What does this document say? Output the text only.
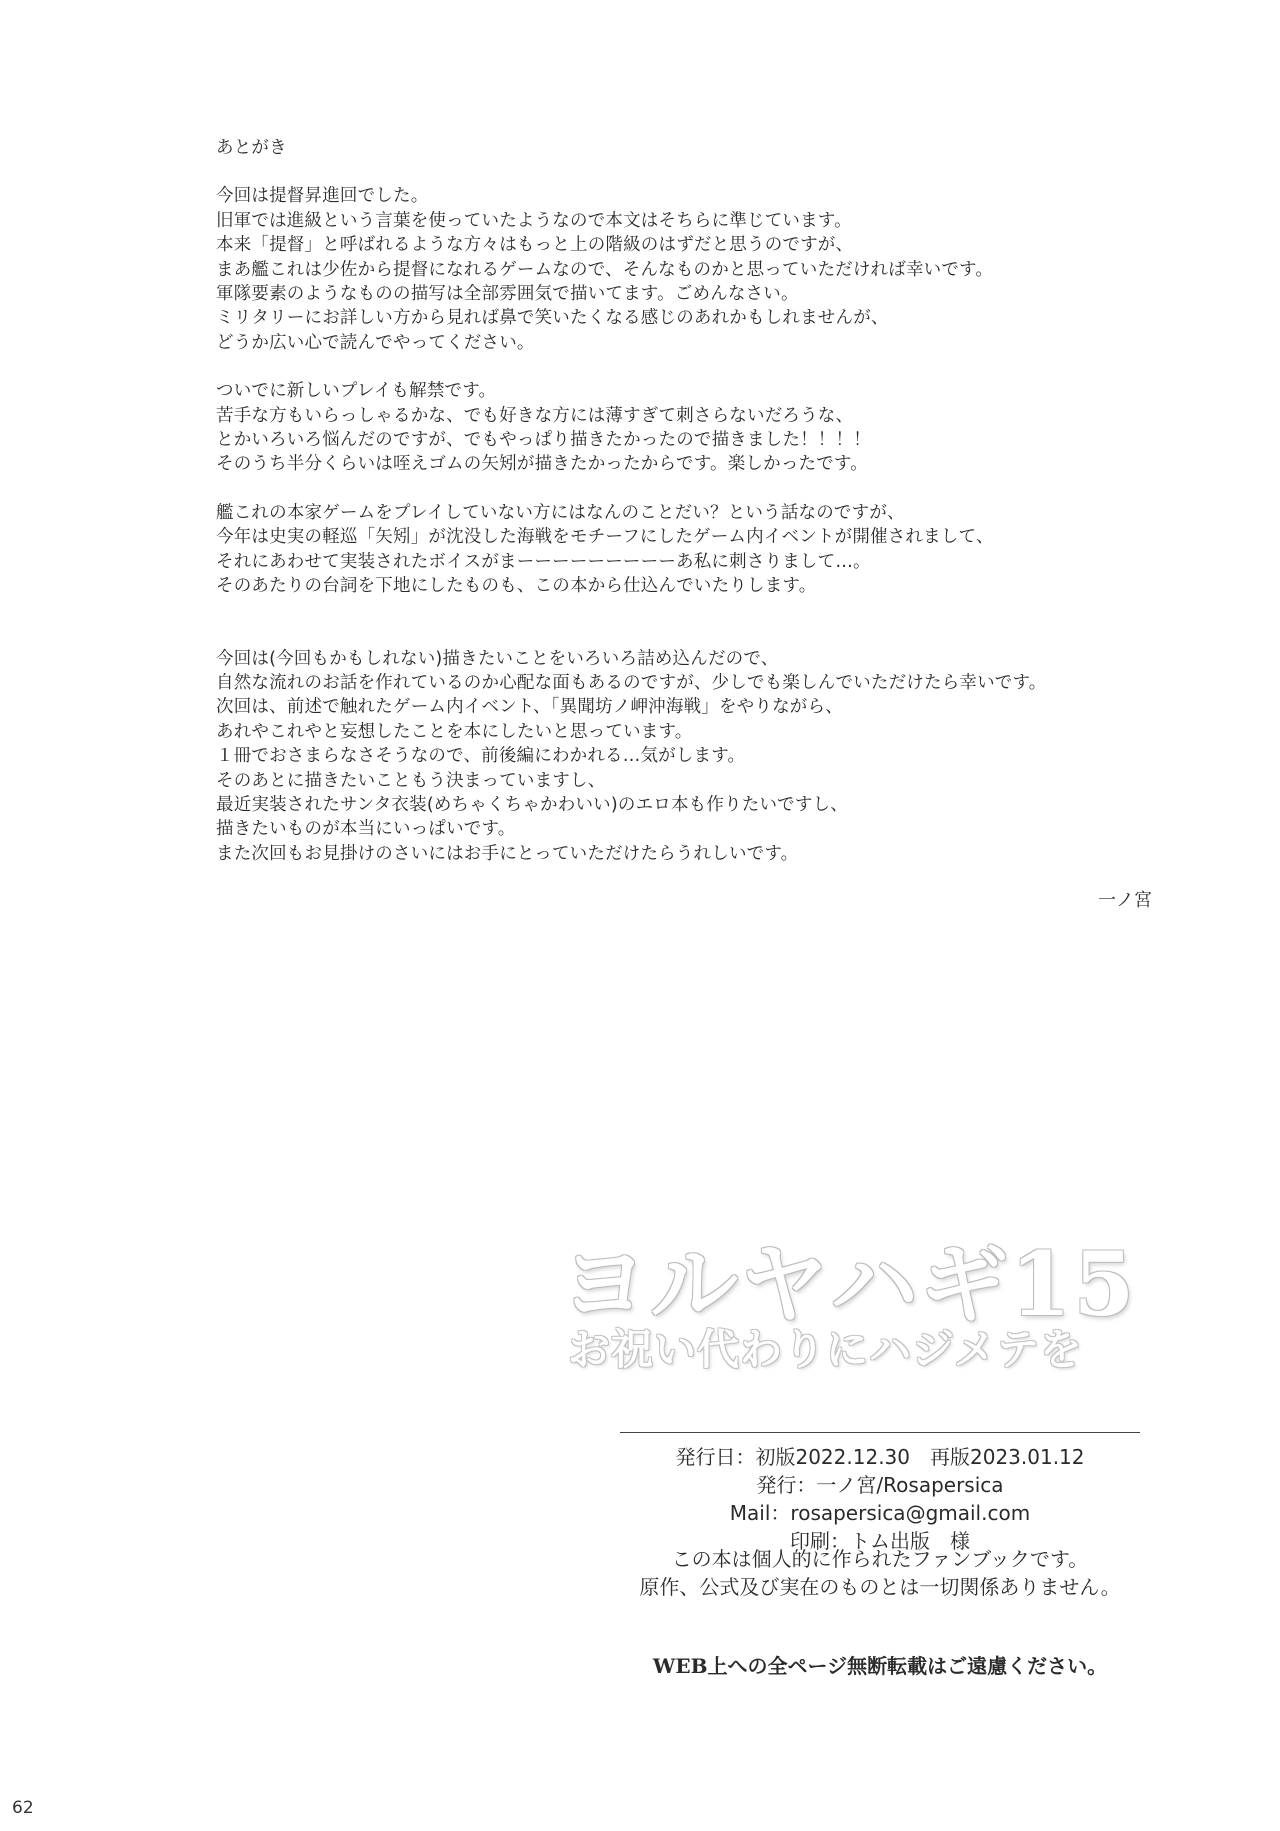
あとがき
今回は提督昇進回でした。
旧軍では進級という言葉を使っていたようなので本文はそちらに準じています。
本来「提督」と呼ばれるような方々はもっと上の階級のはずだと思うのですが、
まあ艦これは少佐から提督になれるゲームなので、そんなものかと思っていただければ幸いです。
軍隊要素のようなものの描写は全部雰囲気で描いてます。ごめんなさい。
ミリタリーにお詳しい方から見れば鼻で笑いたくなる感じのあれかもしれませんが、
どうか広い心で読んでやってください。
ついでに新しいプレイも解禁です。
苦手な方もいらっしゃるかな、でも好きな方には薄すぎて刺さらないだろうな、
とかいろいろ悩んだのですが、でもやっぱり描きたかったので描きました！！！！
そのうち半分くらいは咥えゴムの矢矧が描きたかったからです。楽しかったです。
艦これの本家ゲームをプレイしていない方にはなんのことだい？という話なのですが、
今年は史実の軽巡「矢矧」が沈没した海戦をモチーフにしたゲーム内イベントが開催されまして、
それにあわせて実装されたボイスがまーーーーーーーーーあ私に刺さりまして…。
そのあたりの台詞を下地にしたものも、この本から仕込んでいたりします。
今回は(今回もかもしれない)描きたいことをいろいろ詰め込んだので、
自然な流れのお話を作れているのか心配な面もあるのですが、少しでも楽しんでいただけたら幸いです。
次回は、前述で触れたゲーム内イベント、「異聞坊ノ岬沖海戦」をやりながら、
あれやこれやと妄想したことを本にしたいと思っています。
１冊でおさまらなさそうなので、前後編にわかれる…気がします。
そのあとに描きたいこともう決まっていますし、
最近実装されたサンタ衣装(めちゃくちゃかわいい)のエロ本も作りたいですし、
描きたいものが本当にいっぱいです。
また次回もお見掛けのさいにはお手にとっていただけたらうれしいです。
一ノ宮
ヨルヤハギ15
お祝い代わりにハジメテを
発行日：初版2022.12.30　再版2023.01.12
発行：一ノ宮/Rosapersica
Mail：rosapersica@gmail.com
印刷：トム出版　様
この本は個人的に作られたファンブックです。
原作、公式及び実在のものとは一切関係ありません。
WEB上への全ページ無断転載はご遠慮ください。
62
